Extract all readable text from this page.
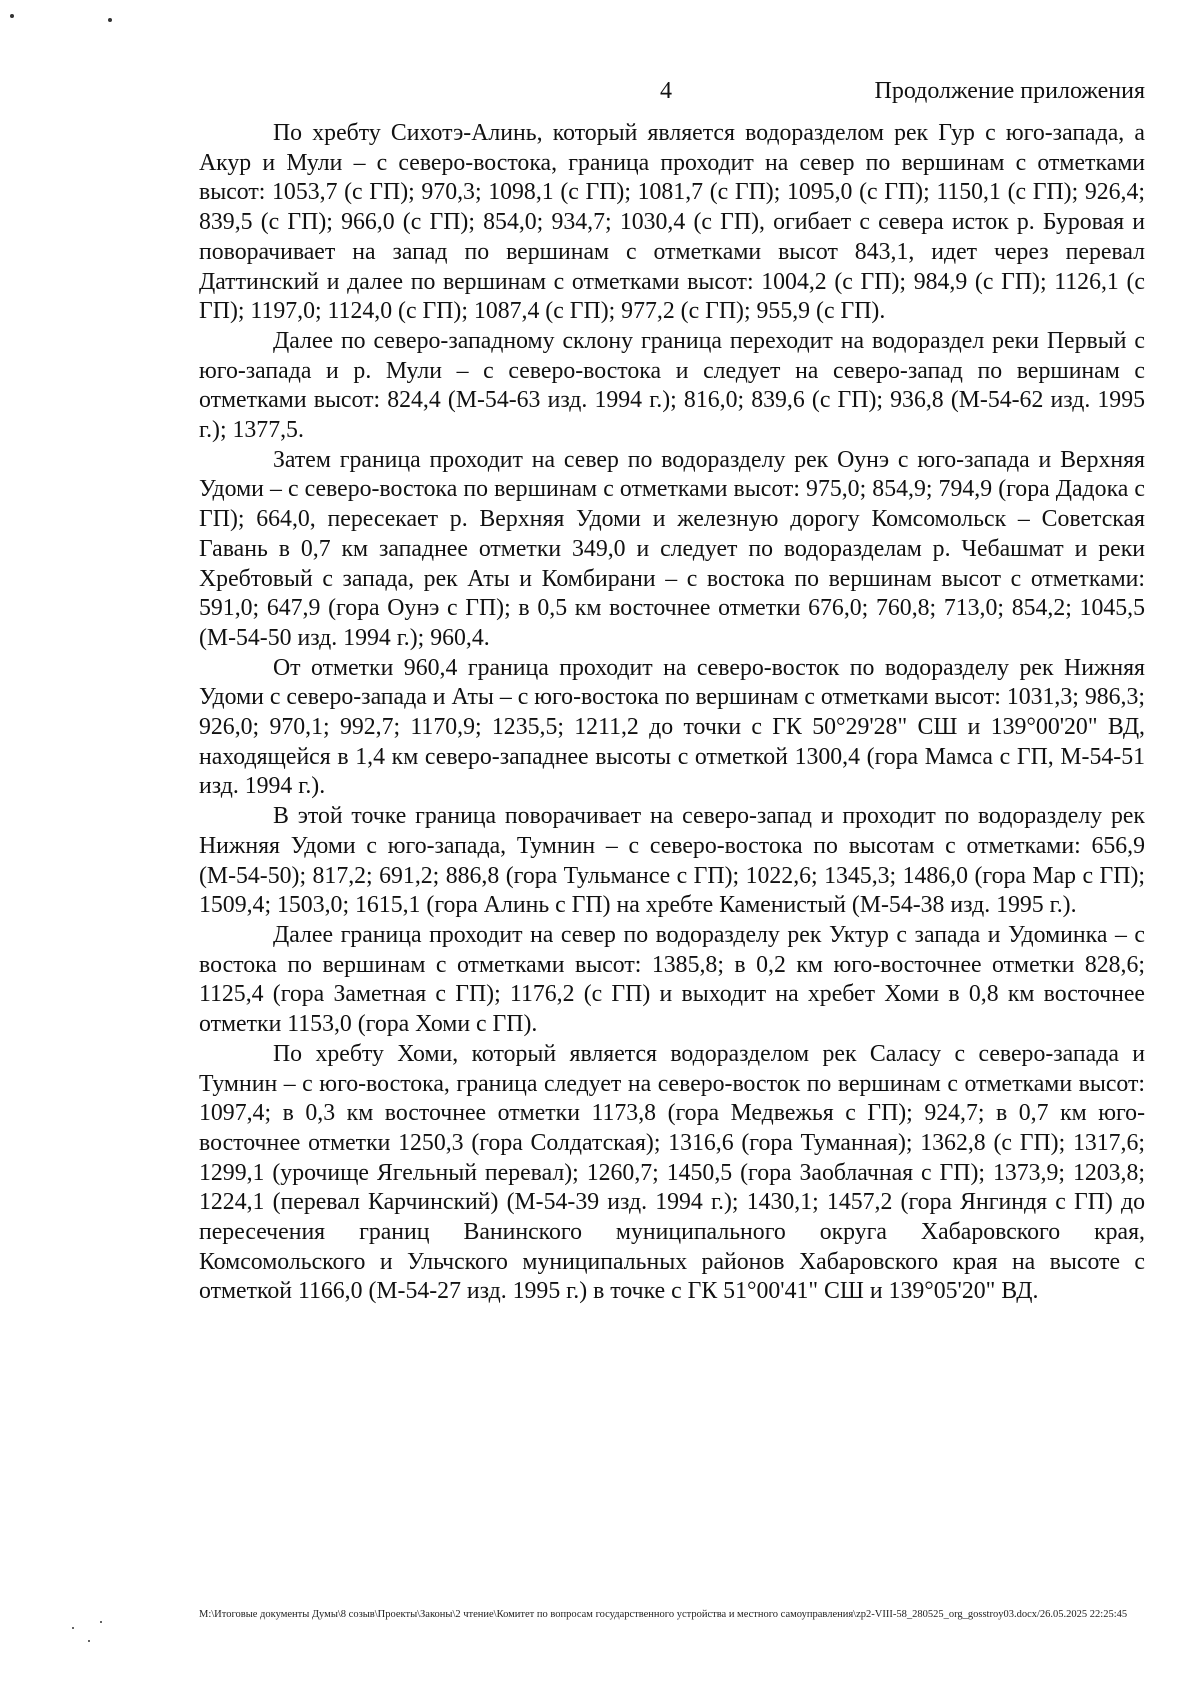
4	Продолжение приложения

По хребту Сихотэ-Алинь, который является водоразделом рек Гур с юго-запада, а Акур и Мули – с северо-востока, граница проходит на север по вершинам с отметками высот: 1053,7 (с ГП); 970,3; 1098,1 (с ГП); 1081,7 (с ГП); 1095,0 (с ГП); 1150,1 (с ГП); 926,4; 839,5 (с ГП); 966,0 (с ГП); 854,0; 934,7; 1030,4 (с ГП), огибает с севера исток р. Буровая и поворачивает на запад по вершинам с отметками высот 843,1, идет через перевал Даттинский и далее по вершинам с отметками высот: 1004,2 (с ГП); 984,9 (с ГП); 1126,1 (с ГП); 1197,0; 1124,0 (с ГП); 1087,4 (с ГП); 977,2 (с ГП); 955,9 (с ГП).

Далее по северо-западному склону граница переходит на водораздел реки Первый с юго-запада и р. Мули – с северо-востока и следует на северо-запад по вершинам с отметками высот: 824,4 (М-54-63 изд. 1994 г.); 816,0; 839,6 (с ГП); 936,8 (М-54-62 изд. 1995 г.); 1377,5.

Затем граница проходит на север по водоразделу рек Оунэ с юго-запада и Верхняя Удоми – с северо-востока по вершинам с отметками высот: 975,0; 854,9; 794,9 (гора Дадока с ГП); 664,0, пересекает р. Верхняя Удоми и железную дорогу Комсомольск – Советская Гавань в 0,7 км западнее отметки 349,0 и следует по водоразделам р. Чебашмат и реки Хребтовый с запада, рек Аты и Комбирани – с востока по вершинам высот с отметками: 591,0; 647,9 (гора Оунэ с ГП); в 0,5 км восточнее отметки 676,0; 760,8; 713,0; 854,2; 1045,5 (М-54-50 изд. 1994 г.); 960,4.

От отметки 960,4 граница проходит на северо-восток по водоразделу рек Нижняя Удоми с северо-запада и Аты – с юго-востока по вершинам с отметками высот: 1031,3; 986,3; 926,0; 970,1; 992,7; 1170,9; 1235,5; 1211,2 до точки с ГК 50°29'28" СШ и 139°00'20" ВД, находящейся в 1,4 км северо-западнее высоты с отметкой 1300,4 (гора Мамса с ГП, М-54-51 изд. 1994 г.).

В этой точке граница поворачивает на северо-запад и проходит по водоразделу рек Нижняя Удоми с юго-запада, Тумнин – с северо-востока по высотам с отметками: 656,9 (М-54-50); 817,2; 691,2; 886,8 (гора Тульмансе с ГП); 1022,6; 1345,3; 1486,0 (гора Мар с ГП); 1509,4; 1503,0; 1615,1 (гора Алинь с ГП) на хребте Каменистый (М-54-38 изд. 1995 г.).

Далее граница проходит на север по водоразделу рек Уктур с запада и Удоминка – с востока по вершинам с отметками высот: 1385,8; в 0,2 км юго-восточнее отметки 828,6; 1125,4 (гора Заметная с ГП); 1176,2 (с ГП) и выходит на хребет Хоми в 0,8 км восточнее отметки 1153,0 (гора Хоми с ГП).

По хребту Хоми, который является водоразделом рек Саласу с северо-запада и Тумнин – с юго-востока, граница следует на северо-восток по вершинам с отметками высот: 1097,4; в 0,3 км восточнее отметки 1173,8 (гора Медвежья с ГП); 924,7; в 0,7 км юго-восточнее отметки 1250,3 (гора Солдатская); 1316,6 (гора Туманная); 1362,8 (с ГП); 1317,6; 1299,1 (урочище Ягельный перевал); 1260,7; 1450,5 (гора Заоблачная с ГП); 1373,9; 1203,8; 1224,1 (перевал Карчинский) (М-54-39 изд. 1994 г.); 1430,1; 1457,2 (гора Янгиндя с ГП) до пересечения границ Ванинского муниципального округа Хабаровского края, Комсомольского и Ульчского муниципальных районов Хабаровского края на высоте с отметкой 1166,0 (М-54-27 изд. 1995 г.) в точке с ГК 51°00'41" СШ и 139°05'20" ВД.

M:\Итоговые документы Думы\8 созыв\Проекты\Законы\2 чтение\Комитет по вопросам государственного устройства и местного самоуправления\zp2-VIII-58_280525_org_gosstroy03.docx/26.05.2025 22:25:45
